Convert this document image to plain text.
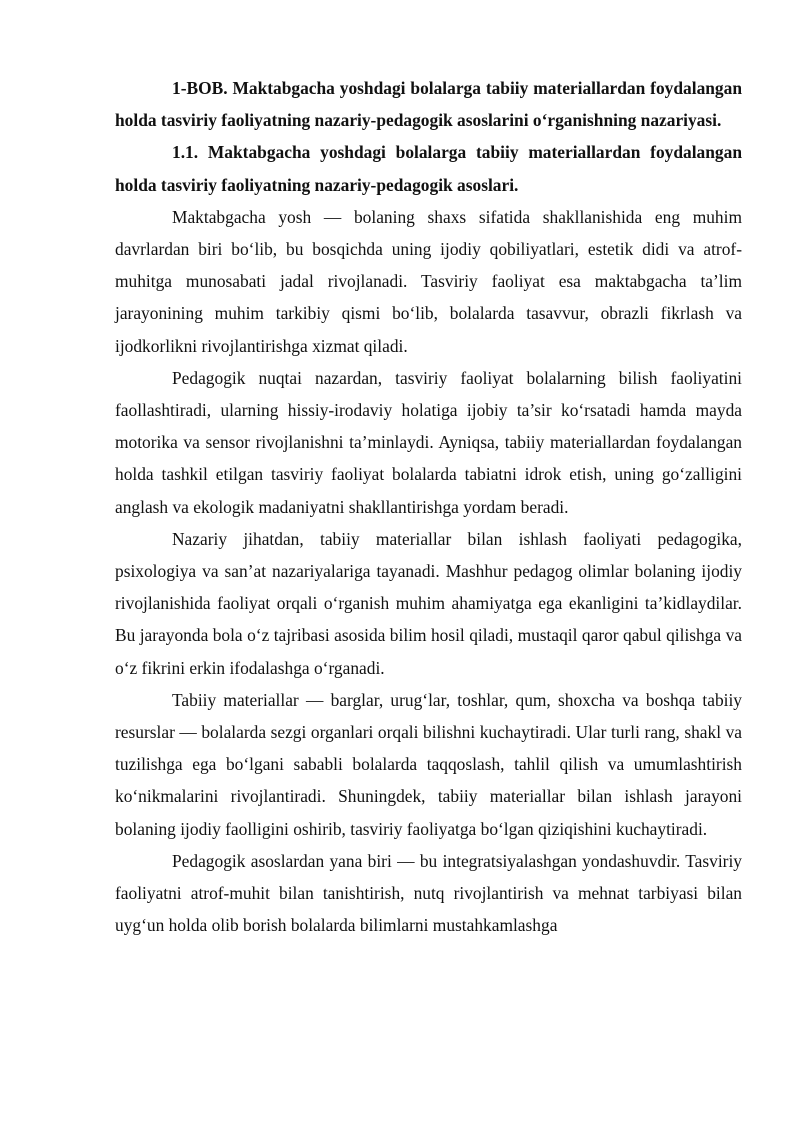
1-BOB. Maktabgacha yoshdagi bolalarga tabiiy materiallardan foydalangan holda tasviriy faoliyatning nazariy-pedagogik asoslarini o‘rganishning nazariyasi.

1.1. Maktabgacha yoshdagi bolalarga tabiiy materiallardan foydalangan holda tasviriy faoliyatning nazariy-pedagogik asoslari.

Maktabgacha yosh — bolaning shaxs sifatida shakllanishida eng muhim davrlardan biri bo‘lib, bu bosqichda uning ijodiy qobiliyatlari, estetik didi va atrof-muhitga munosabati jadal rivojlanadi. Tasviriy faoliyat esa maktabgacha ta’lim jarayonining muhim tarkibiy qismi bo‘lib, bolalarda tasavvur, obrazli fikrlash va ijodkorlikni rivojlantirishga xizmat qiladi.

Pedagogik nuqtai nazardan, tasviriy faoliyat bolalarning bilish faoliyatini faollashtiradi, ularning hissiy-irodaviy holatiga ijobiy ta’sir ko‘rsatadi hamda mayda motorika va sensor rivojlanishni ta’minlaydi. Ayniqsa, tabiiy materiallardan foydalangan holda tashkil etilgan tasviriy faoliyat bolalarda tabiatni idrok etish, uning go‘zalligini anglash va ekologik madaniyatni shakllantirishga yordam beradi.

Nazariy jihatdan, tabiiy materiallar bilan ishlash faoliyati pedagogika, psixologiya va san’at nazariyalariga tayanadi. Mashhur pedagog olimlar bolaning ijodiy rivojlanishida faoliyat orqali o‘rganish muhim ahamiyatga ega ekanligini ta’kidlaydilar. Bu jarayonda bola o‘z tajribasi asosida bilim hosil qiladi, mustaqil qaror qabul qilishga va o‘z fikrini erkin ifodalashga o‘rganadi.

Tabiiy materiallar — barglar, urug‘lar, toshlar, qum, shoxcha va boshqa tabiiy resurslar — bolalarda sezgi organlari orqali bilishni kuchaytiradi. Ular turli rang, shakl va tuzilishga ega bo‘lgani sababli bolalarda taqqoslash, tahlil qilish va umumlashtirish ko‘nikmalarini rivojlantiradi. Shuningdek, tabiiy materiallar bilan ishlash jarayoni bolaning ijodiy faolligini oshirib, tasviriy faoliyatga bo‘lgan qiziqishini kuchaytiradi.

Pedagogik asoslardan yana biri — bu integratsiyalashgan yondashuvdir. Tasviriy faoliyatni atrof-muhit bilan tanishtirish, nutq rivojlantirish va mehnat tarbiyasi bilan uyg‘un holda olib borish bolalarda bilimlarni mustahkamlashga
